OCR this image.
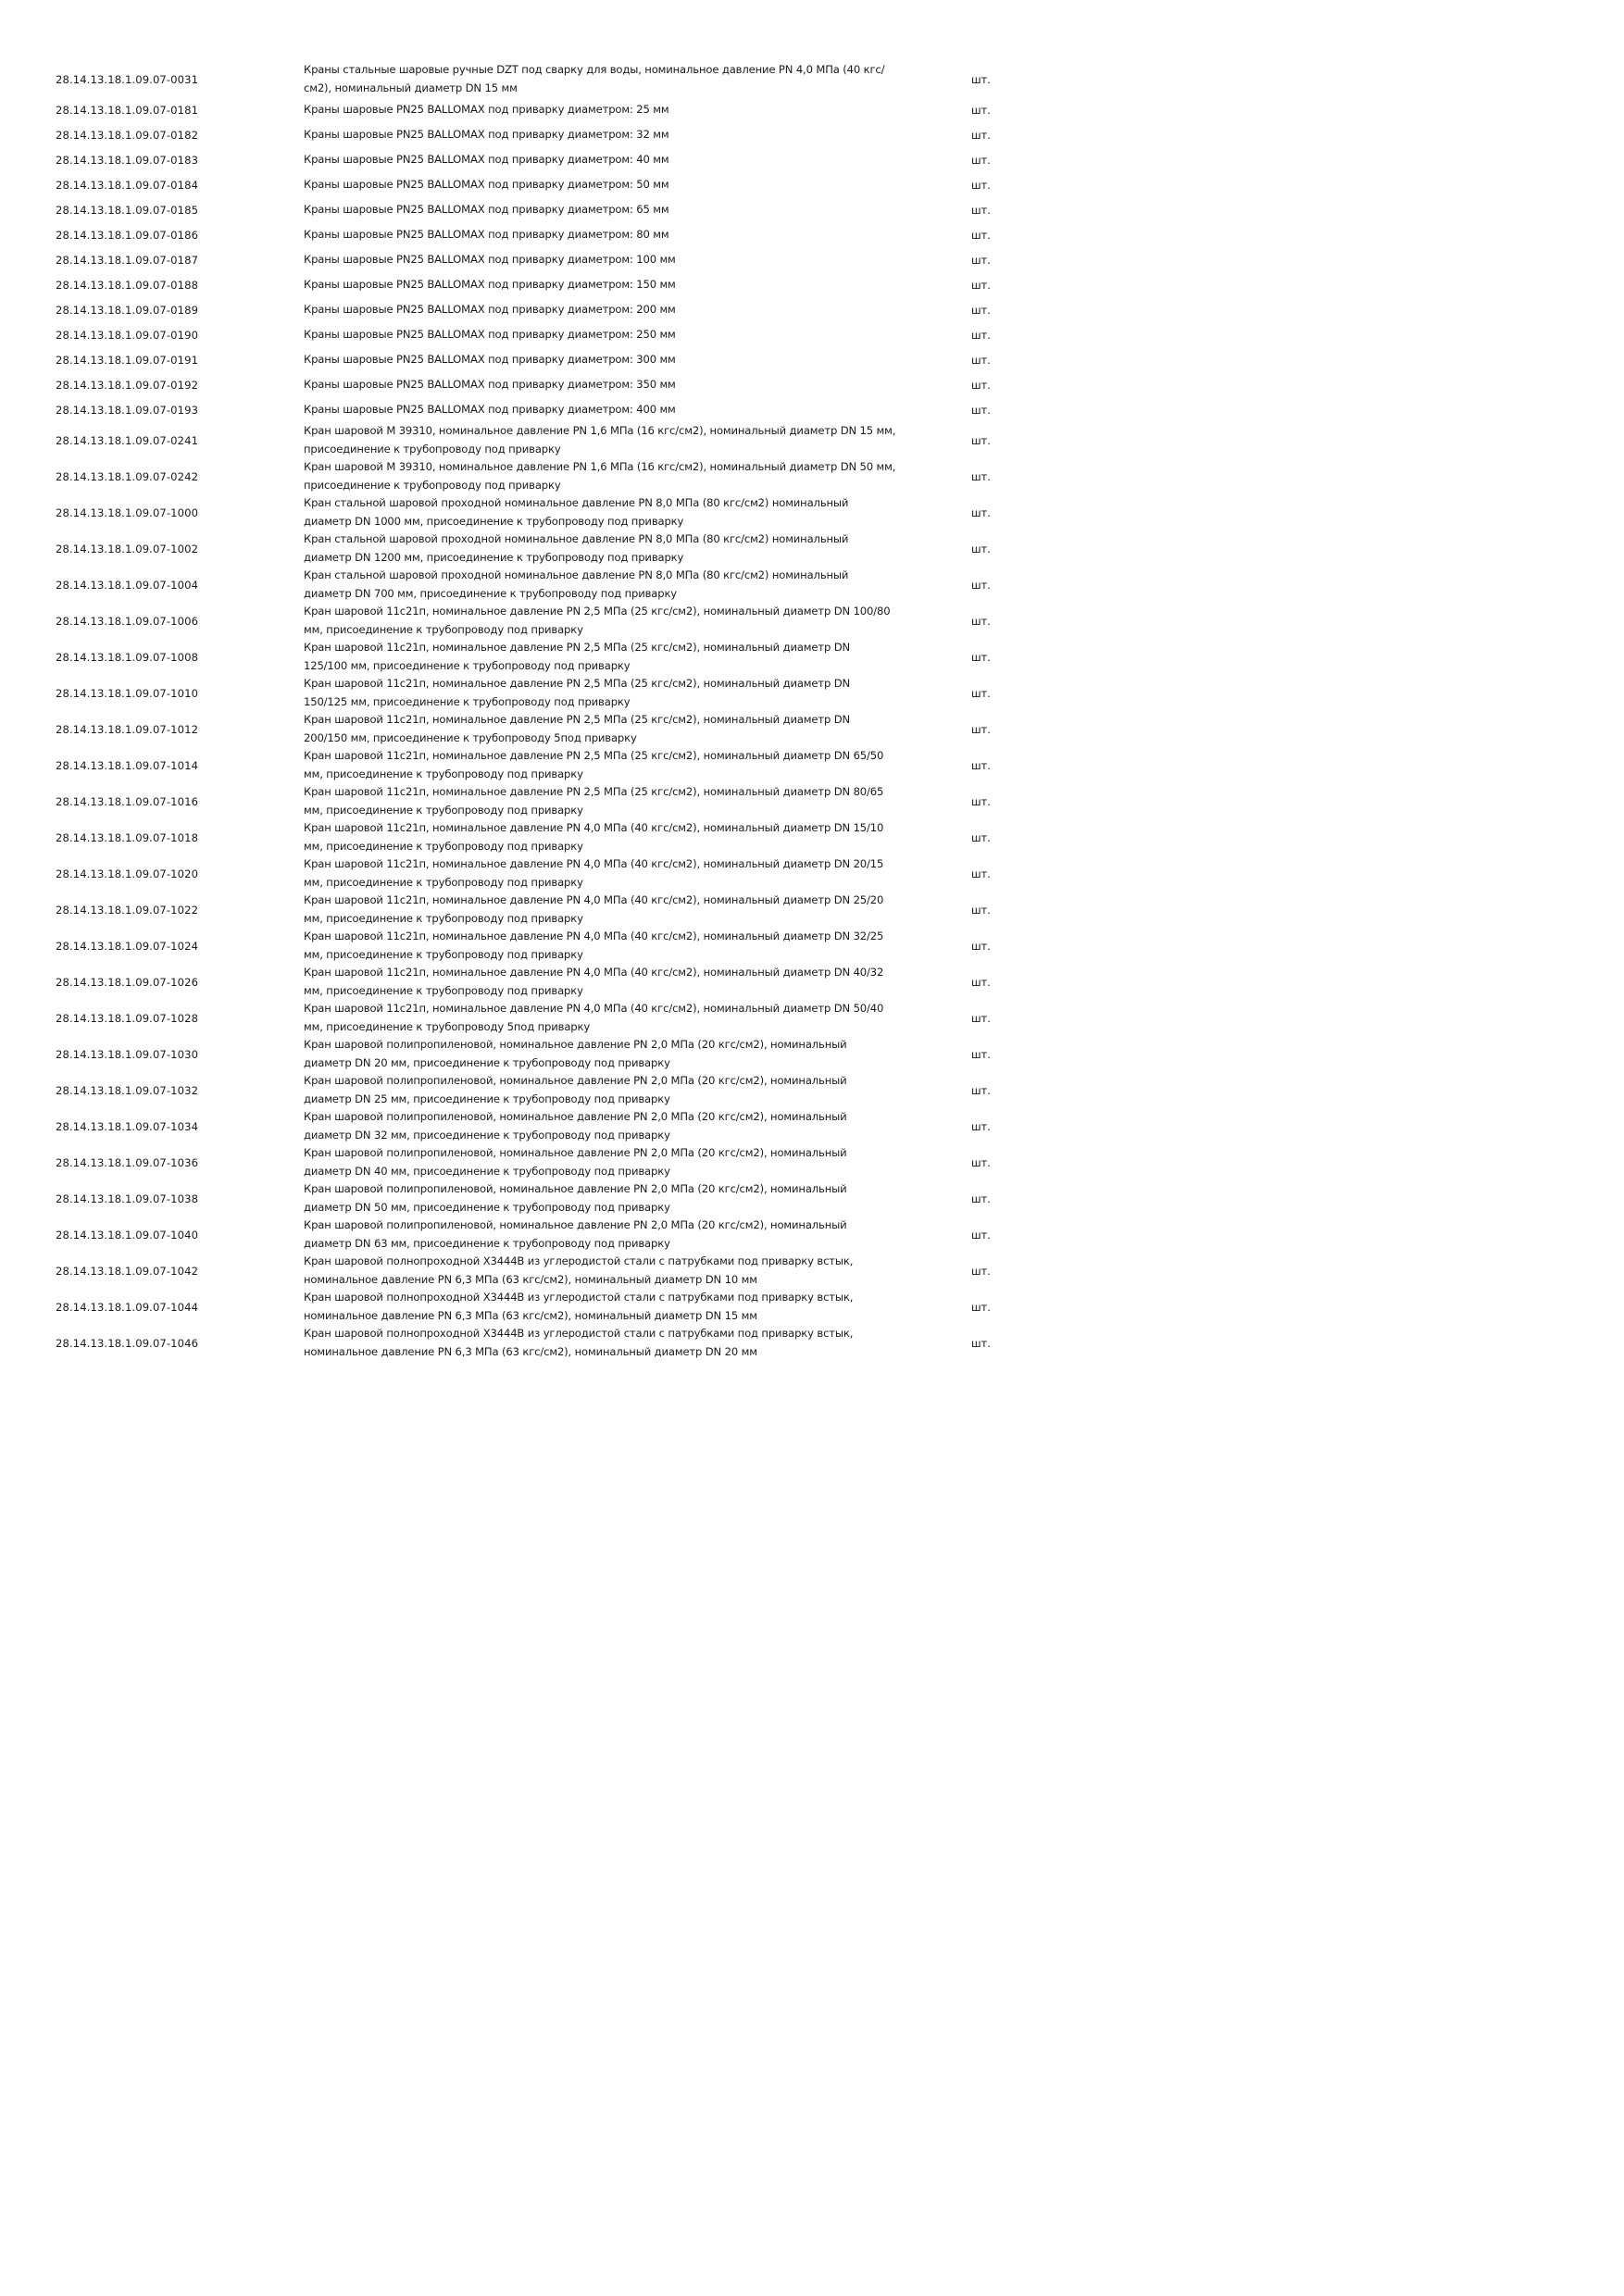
28.14.13.18.1.09.07-0031	Краны стальные шаровые ручные DZT под сварку для воды, номинальное давление PN 4,0 МПа (40 кгс/см2), номинальный диаметр DN 15 мм	шт.
28.14.13.18.1.09.07-0181	Краны шаровые PN25 BALLOMAX под приварку диаметром: 25 мм	шт.
28.14.13.18.1.09.07-0182	Краны шаровые PN25 BALLOMAX под приварку диаметром: 32 мм	шт.
28.14.13.18.1.09.07-0183	Краны шаровые PN25 BALLOMAX под приварку диаметром: 40 мм	шт.
28.14.13.18.1.09.07-0184	Краны шаровые PN25 BALLOMAX под приварку диаметром: 50 мм	шт.
28.14.13.18.1.09.07-0185	Краны шаровые PN25 BALLOMAX под приварку диаметром: 65 мм	шт.
28.14.13.18.1.09.07-0186	Краны шаровые PN25 BALLOMAX под приварку диаметром: 80 мм	шт.
28.14.13.18.1.09.07-0187	Краны шаровые PN25 BALLOMAX под приварку диаметром: 100 мм	шт.
28.14.13.18.1.09.07-0188	Краны шаровые PN25 BALLOMAX под приварку диаметром: 150 мм	шт.
28.14.13.18.1.09.07-0189	Краны шаровые PN25 BALLOMAX под приварку диаметром: 200 мм	шт.
28.14.13.18.1.09.07-0190	Краны шаровые PN25 BALLOMAX под приварку диаметром: 250 мм	шт.
28.14.13.18.1.09.07-0191	Краны шаровые PN25 BALLOMAX под приварку диаметром: 300 мм	шт.
28.14.13.18.1.09.07-0192	Краны шаровые PN25 BALLOMAX под приварку диаметром: 350 мм	шт.
28.14.13.18.1.09.07-0193	Краны шаровые PN25 BALLOMAX под приварку диаметром: 400 мм	шт.
28.14.13.18.1.09.07-0241	Кран шаровой М 39310, номинальное давление PN 1,6 МПа (16 кгс/см2), номинальный диаметр DN 15 мм, присоединение к трубопроводу под приварку	шт.
28.14.13.18.1.09.07-0242	Кран шаровой М 39310, номинальное давление PN 1,6 МПа (16 кгс/см2), номинальный диаметр DN 50 мм, присоединение к трубопроводу под приварку	шт.
28.14.13.18.1.09.07-1000	Кран стальной шаровой проходной номинальное давление PN 8,0 МПа (80 кгс/см2) номинальный диаметр DN 1000 мм, присоединение к трубопроводу под приварку	шт.
28.14.13.18.1.09.07-1002	Кран стальной шаровой проходной номинальное давление PN 8,0 МПа (80 кгс/см2) номинальный диаметр DN 1200 мм, присоединение к трубопроводу под приварку	шт.
28.14.13.18.1.09.07-1004	Кран стальной шаровой проходной номинальное давление PN 8,0 МПа (80 кгс/см2) номинальный диаметр DN 700 мм, присоединение к трубопроводу под приварку	шт.
28.14.13.18.1.09.07-1006	Кран шаровой 11с21п, номинальное давление PN 2,5 МПа (25 кгс/см2), номинальный диаметр DN 100/80 мм, присоединение к трубопроводу под приварку	шт.
28.14.13.18.1.09.07-1008	Кран шаровой 11с21п, номинальное давление PN 2,5 МПа (25 кгс/см2), номинальный диаметр DN 125/100 мм, присоединение к трубопроводу под приварку	шт.
28.14.13.18.1.09.07-1010	Кран шаровой 11с21п, номинальное давление PN 2,5 МПа (25 кгс/см2), номинальный диаметр DN 150/125 мм, присоединение к трубопроводу под приварку	шт.
28.14.13.18.1.09.07-1012	Кран шаровой 11с21п, номинальное давление PN 2,5 МПа (25 кгс/см2), номинальный диаметр DN 200/150 мм, присоединение к трубопроводу 5под приварку	шт.
28.14.13.18.1.09.07-1014	Кран шаровой 11с21п, номинальное давление PN 2,5 МПа (25 кгс/см2), номинальный диаметр DN 65/50 мм, присоединение к трубопроводу под приварку	шт.
28.14.13.18.1.09.07-1016	Кран шаровой 11с21п, номинальное давление PN 2,5 МПа (25 кгс/см2), номинальный диаметр DN 80/65 мм, присоединение к трубопроводу под приварку	шт.
28.14.13.18.1.09.07-1018	Кран шаровой 11с21п, номинальное давление PN 4,0 МПа (40 кгс/см2), номинальный диаметр DN 15/10 мм, присоединение к трубопроводу под приварку	шт.
28.14.13.18.1.09.07-1020	Кран шаровой 11с21п, номинальное давление PN 4,0 МПа (40 кгс/см2), номинальный диаметр DN 20/15 мм, присоединение к трубопроводу под приварку	шт.
28.14.13.18.1.09.07-1022	Кран шаровой 11с21п, номинальное давление PN 4,0 МПа (40 кгс/см2), номинальный диаметр DN 25/20 мм, присоединение к трубопроводу под приварку	шт.
28.14.13.18.1.09.07-1024	Кран шаровой 11с21п, номинальное давление PN 4,0 МПа (40 кгс/см2), номинальный диаметр DN 32/25 мм, присоединение к трубопроводу под приварку	шт.
28.14.13.18.1.09.07-1026	Кран шаровой 11с21п, номинальное давление PN 4,0 МПа (40 кгс/см2), номинальный диаметр DN 40/32 мм, присоединение к трубопроводу под приварку	шт.
28.14.13.18.1.09.07-1028	Кран шаровой 11с21п, номинальное давление PN 4,0 МПа (40 кгс/см2), номинальный диаметр DN 50/40 мм, присоединение к трубопроводу 5под приварку	шт.
28.14.13.18.1.09.07-1030	Кран шаровой полипропиленовой, номинальное давление PN 2,0 МПа (20 кгс/см2), номинальный диаметр DN 20 мм, присоединение к трубопроводу под приварку	шт.
28.14.13.18.1.09.07-1032	Кран шаровой полипропиленовой, номинальное давление PN 2,0 МПа (20 кгс/см2), номинальный диаметр DN 25 мм, присоединение к трубопроводу под приварку	шт.
28.14.13.18.1.09.07-1034	Кран шаровой полипропиленовой, номинальное давление PN 2,0 МПа (20 кгс/см2), номинальный диаметр DN 32 мм, присоединение к трубопроводу под приварку	шт.
28.14.13.18.1.09.07-1036	Кран шаровой полипропиленовой, номинальное давление PN 2,0 МПа (20 кгс/см2), номинальный диаметр DN 40 мм, присоединение к трубопроводу под приварку	шт.
28.14.13.18.1.09.07-1038	Кран шаровой полипропиленовой, номинальное давление PN 2,0 МПа (20 кгс/см2), номинальный диаметр DN 50 мм, присоединение к трубопроводу под приварку	шт.
28.14.13.18.1.09.07-1040	Кран шаровой полипропиленовой, номинальное давление PN 2,0 МПа (20 кгс/см2), номинальный диаметр DN 63 мм, присоединение к трубопроводу под приварку	шт.
28.14.13.18.1.09.07-1042	Кран шаровой полнопроходной Х3444В из углеродистой стали с патрубками под приварку встык, номинальное давление PN 6,3 МПа (63 кгс/см2), номинальный диаметр DN 10 мм	шт.
28.14.13.18.1.09.07-1044	Кран шаровой полнопроходной Х3444В из углеродистой стали с патрубками под приварку встык, номинальное давление PN 6,3 МПа (63 кгс/см2), номинальный диаметр DN 15 мм	шт.
28.14.13.18.1.09.07-1046	Кран шаровой полнопроходной Х3444В из углеродистой стали с патрубками под приварку встык, номинальное давление PN 6,3 МПа (63 кгс/см2), номинальный диаметр DN 20 мм	шт.
